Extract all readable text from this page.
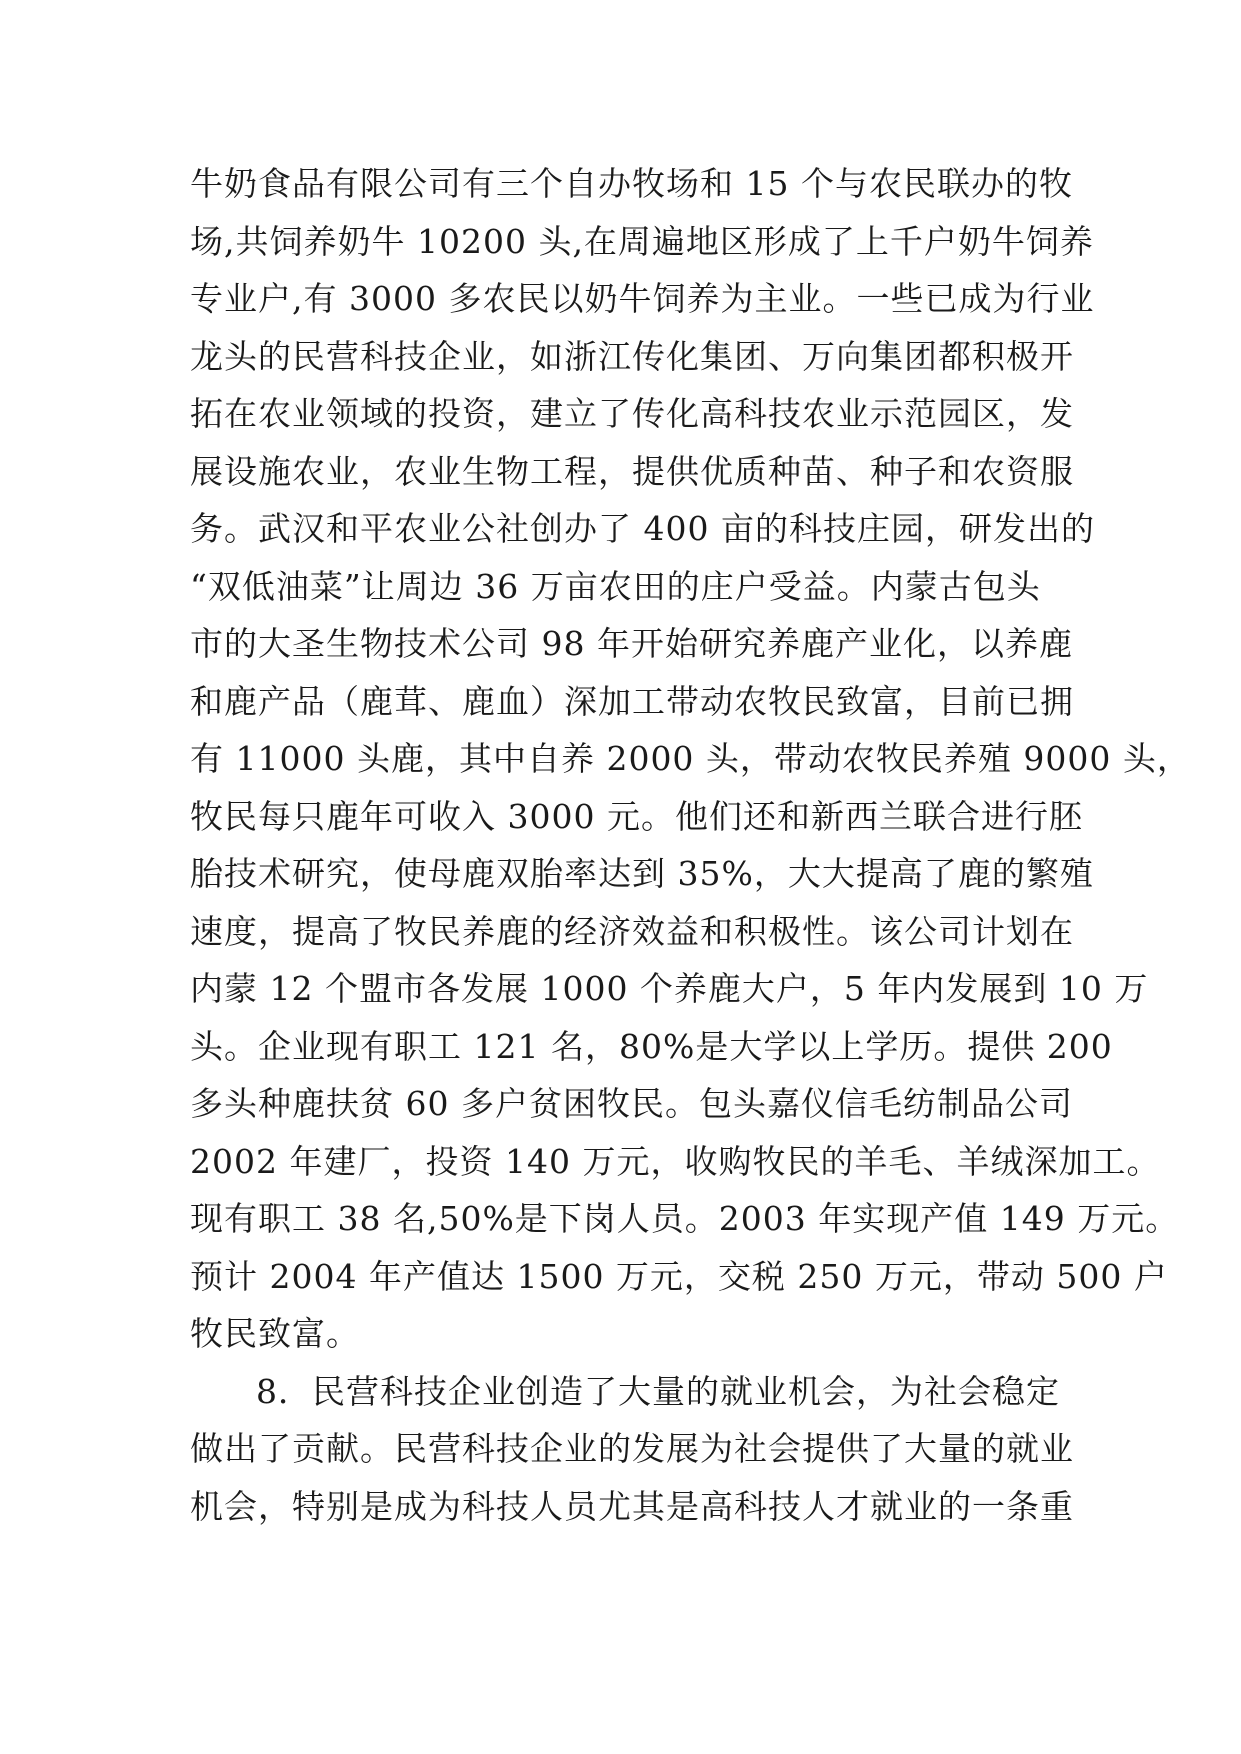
牛奶食品有限公司有三个自办牧场和 15 个与农民联办的牧
场,共饲养奶牛 10200 头,在周遍地区形成了上千户奶牛饲养
专业户,有 3000 多农民以奶牛饲养为主业。一些已成为行业
龙头的民营科技企业，如浙江传化集团、万向集团都积极开
拓在农业领域的投资，建立了传化高科技农业示范园区，发
展设施农业，农业生物工程，提供优质种苗、种子和农资服
务。武汉和平农业公社创办了 400 亩的科技庄园，研发出的
“双低油菜”让周边 36 万亩农田的庄户受益。内蒙古包头
市的大圣生物技术公司 98 年开始研究养鹿产业化，以养鹿
和鹿产品（鹿茸、鹿血）深加工带动农牧民致富，目前已拥
有 11000 头鹿，其中自养 2000 头，带动农牧民养殖 9000 头，
牧民每只鹿年可收入 3000 元。他们还和新西兰联合进行胚
胎技术研究，使母鹿双胎率达到 35%，大大提高了鹿的繁殖
速度，提高了牧民养鹿的经济效益和积极性。该公司计划在
内蒙 12 个盟市各发展 1000 个养鹿大户，5 年内发展到 10 万
头。企业现有职工 121 名，80%是大学以上学历。提供 200
多头种鹿扶贫 60 多户贫困牧民。包头嘉仪信毛纺制品公司
2002 年建厂，投资 140 万元，收购牧民的羊毛、羊绒深加工。
现有职工 38 名,50%是下岗人员。2003 年实现产值 149 万元。
预计 2004 年产值达 1500 万元，交税 250 万元，带动 500 户
牧民致富。
8．民营科技企业创造了大量的就业机会，为社会稳定
做出了贡献。民营科技企业的发展为社会提供了大量的就业
机会，特别是成为科技人员尤其是高科技人才就业的一条重
